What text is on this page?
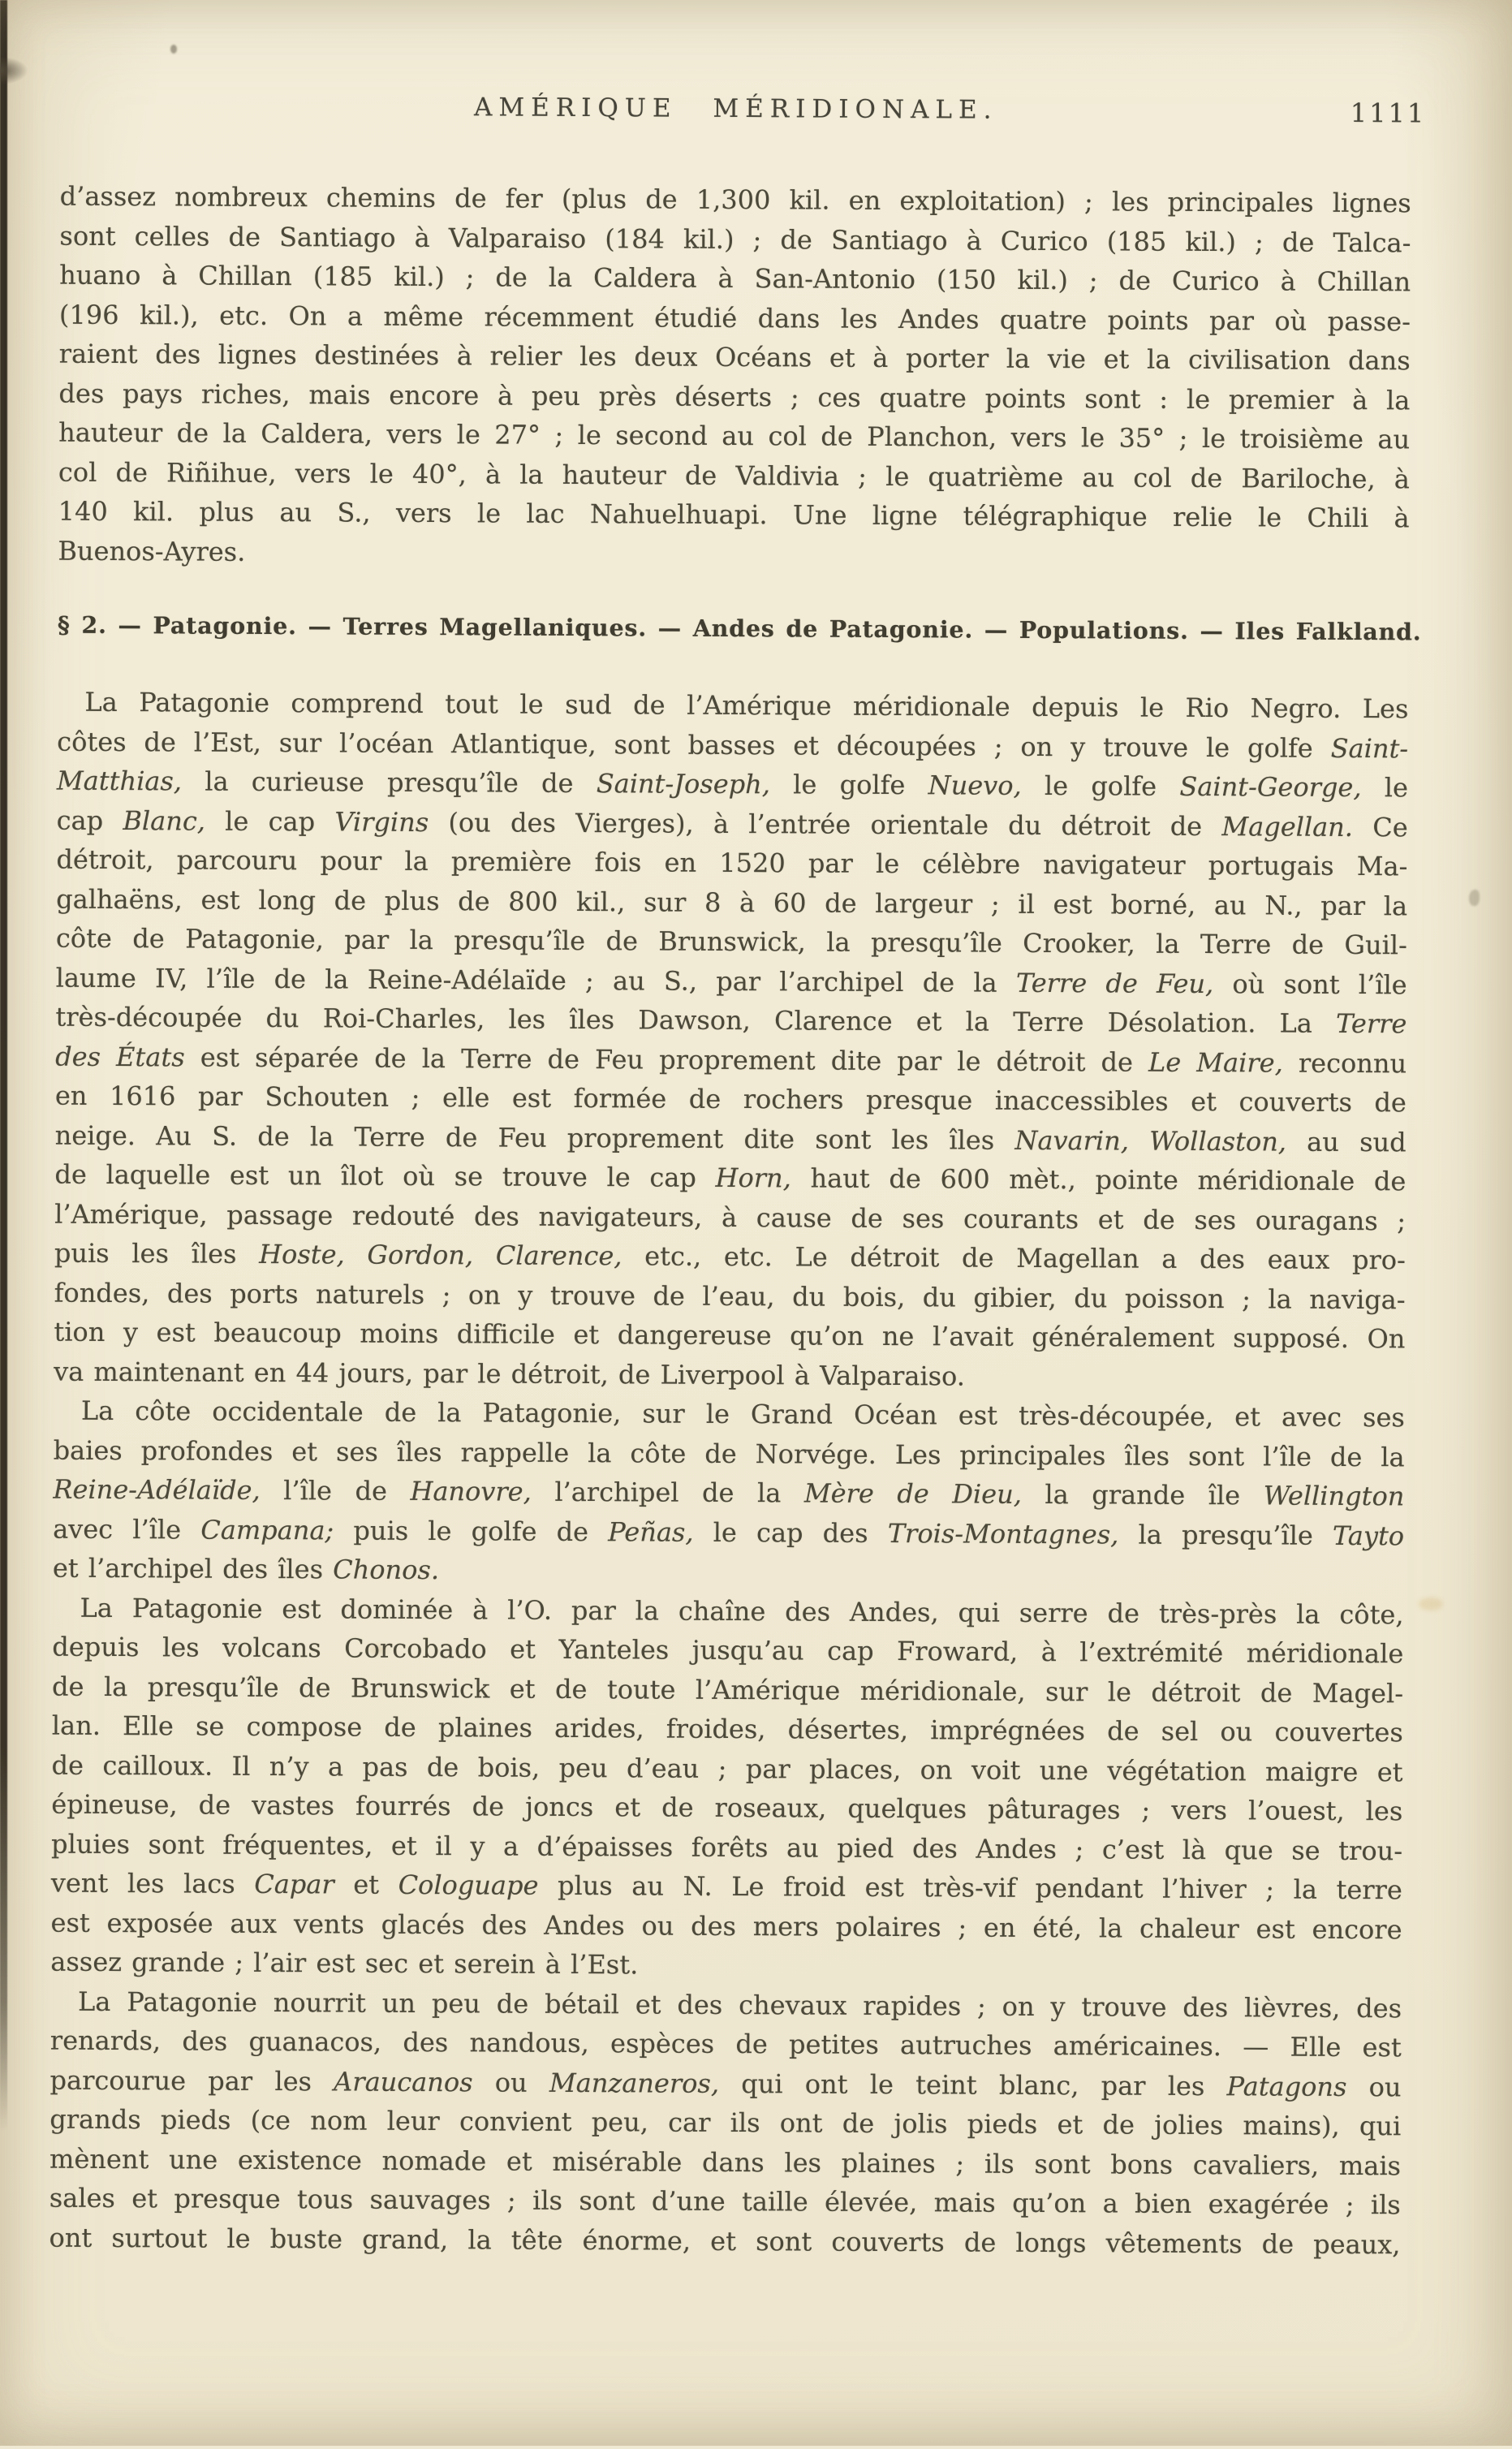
AMÉRIQUE MÉRIDIONALE.	1111
d’assez nombreux chemins de fer (plus de 1,300 kil. en exploitation) ; les principales lignes
sont celles de Santiago à Valparaiso (184 kil.) ; de Santiago à Curico (185 kil.) ; de Talca-
huano à Chillan (185 kil.) ; de la Caldera à San-Antonio (150 kil.) ; de Curico à Chillan
(196 kil.), etc. On a même récemment étudié dans les Andes quatre points par où passe-
raient des lignes destinées à relier les deux Océans et à porter la vie et la civilisation dans
des pays riches, mais encore à peu près déserts ; ces quatre points sont : le premier à la
hauteur de la Caldera, vers le 27° ; le second au col de Planchon, vers le 35° ; le troisième au
col de Riñihue, vers le 40°, à la hauteur de Valdivia ; le quatrième au col de Bariloche, à
140 kil. plus au S., vers le lac Nahuelhuapi. Une ligne télégraphique relie le Chili à
Buenos-Ayres.
§ 2. — Patagonie. — Terres Magellaniques. — Andes de Patagonie. — Populations. — Iles Falkland.
La Patagonie comprend tout le sud de l’Amérique méridionale depuis le Rio Negro. Les
côtes de l’Est, sur l’océan Atlantique, sont basses et découpées ; on y trouve le golfe Saint-
Matthias, la curieuse presqu’île de Saint-Joseph, le golfe Nuevo, le golfe Saint-George, le
cap Blanc, le cap Virgins (ou des Vierges), à l’entrée orientale du détroit de Magellan. Ce
détroit, parcouru pour la première fois en 1520 par le célèbre navigateur portugais Ma-
galhaëns, est long de plus de 800 kil., sur 8 à 60 de largeur ; il est borné, au N., par la
côte de Patagonie, par la presqu’île de Brunswick, la presqu’île Crooker, la Terre de Guil-
laume IV, l’île de la Reine-Adélaïde ; au S., par l’archipel de la Terre de Feu, où sont l’île
très-découpée du Roi-Charles, les îles Dawson, Clarence et la Terre Désolation. La Terre
des États est séparée de la Terre de Feu proprement dite par le détroit de Le Maire, reconnu
en 1616 par Schouten ; elle est formée de rochers presque inaccessibles et couverts de
neige. Au S. de la Terre de Feu proprement dite sont les îles Navarin, Wollaston, au sud
de laquelle est un îlot où se trouve le cap Horn, haut de 600 mèt., pointe méridionale de
l’Amérique, passage redouté des navigateurs, à cause de ses courants et de ses ouragans ;
puis les îles Hoste, Gordon, Clarence, etc., etc. Le détroit de Magellan a des eaux pro-
fondes, des ports naturels ; on y trouve de l’eau, du bois, du gibier, du poisson ; la naviga-
tion y est beaucoup moins difficile et dangereuse qu’on ne l’avait généralement supposé. On
va maintenant en 44 jours, par le détroit, de Liverpool à Valparaiso.
La côte occidentale de la Patagonie, sur le Grand Océan est très-découpée, et avec ses
baies profondes et ses îles rappelle la côte de Norvége. Les principales îles sont l’île de la
Reine-Adélaïde, l’île de Hanovre, l’archipel de la Mère de Dieu, la grande île Wellington
avec l’île Campana; puis le golfe de Peñas, le cap des Trois-Montagnes, la presqu’île Tayto
et l’archipel des îles Chonos.
La Patagonie est dominée à l’O. par la chaîne des Andes, qui serre de très-près la côte,
depuis les volcans Corcobado et Yanteles jusqu’au cap Froward, à l’extrémité méridionale
de la presqu’île de Brunswick et de toute l’Amérique méridionale, sur le détroit de Magel-
lan. Elle se compose de plaines arides, froides, désertes, imprégnées de sel ou couvertes
de cailloux. Il n’y a pas de bois, peu d’eau ; par places, on voit une végétation maigre et
épineuse, de vastes fourrés de joncs et de roseaux, quelques pâturages ; vers l’ouest, les
pluies sont fréquentes, et il y a d’épaisses forêts au pied des Andes ; c’est là que se trou-
vent les lacs Capar et Cologuape plus au N. Le froid est très-vif pendant l’hiver ; la terre
est exposée aux vents glacés des Andes ou des mers polaires ; en été, la chaleur est encore
assez grande ; l’air est sec et serein à l’Est.
La Patagonie nourrit un peu de bétail et des chevaux rapides ; on y trouve des lièvres, des
renards, des guanacos, des nandous, espèces de petites autruches américaines. — Elle est
parcourue par les Araucanos ou Manzaneros, qui ont le teint blanc, par les Patagons ou
grands pieds (ce nom leur convient peu, car ils ont de jolis pieds et de jolies mains), qui
mènent une existence nomade et misérable dans les plaines ; ils sont bons cavaliers, mais
sales et presque tous sauvages ; ils sont d’une taille élevée, mais qu’on a bien exagérée ; ils
ont surtout le buste grand, la tête énorme, et sont couverts de longs vêtements de peaux,
